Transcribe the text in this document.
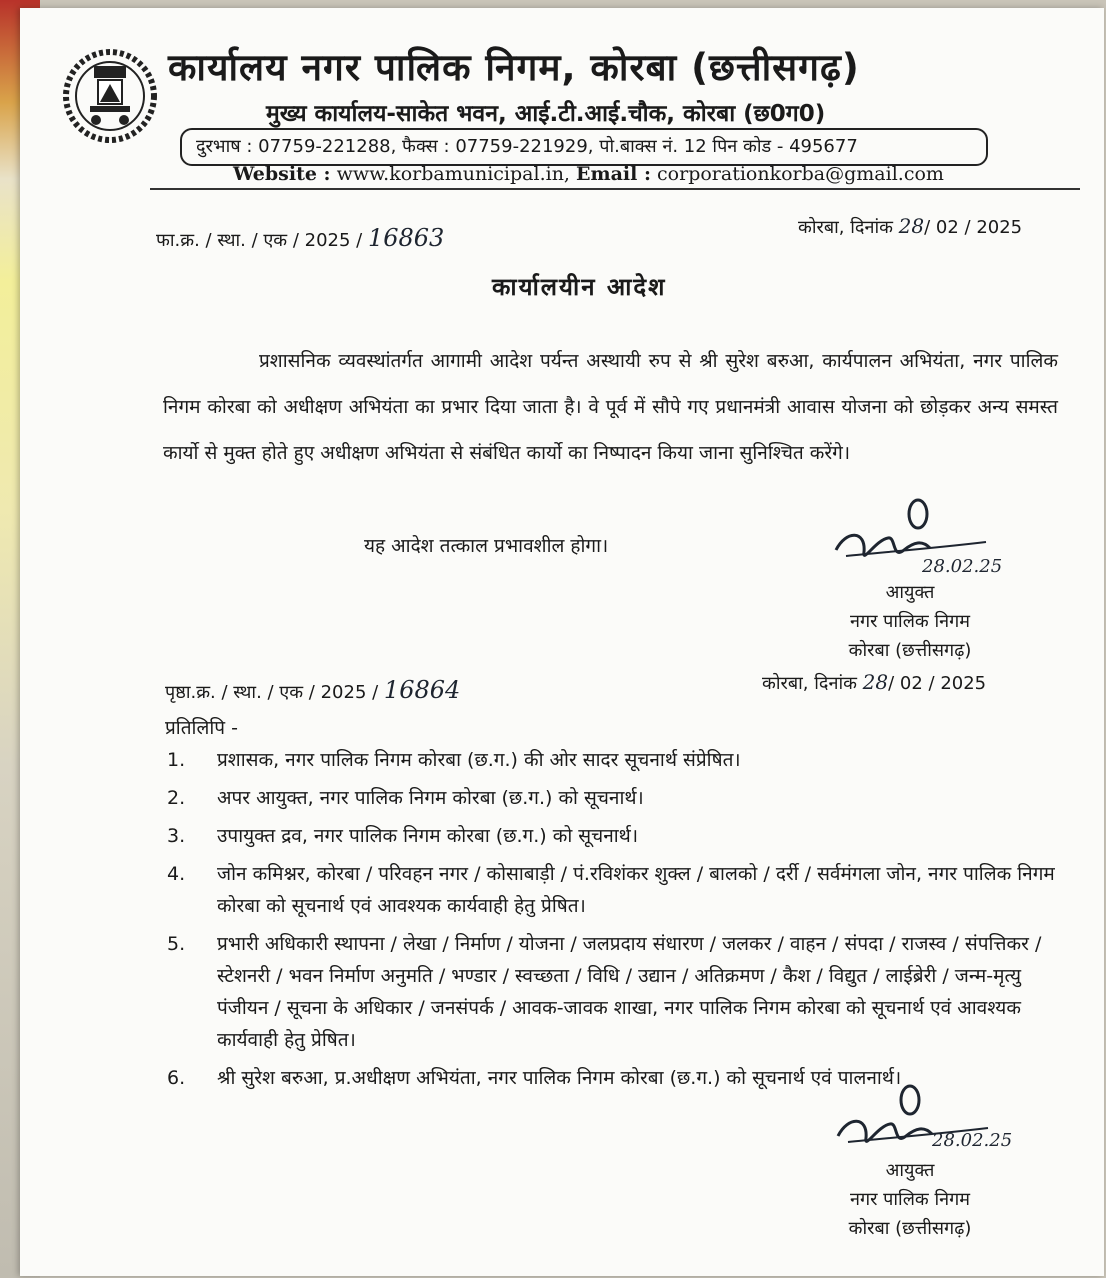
कार्यालय नगर पालिक निगम, कोरबा (छत्तीसगढ़)
मुख्य कार्यालय-साकेत भवन, आई.टी.आई.चौक, कोरबा (छ0ग0)
दुरभाष : 07759-221288, फैक्स : 07759-221929, पो.बाक्स नं. 12 पिन कोड - 495677
Website : www.korbamunicipal.in, Email : corporationkorba@gmail.com
फा.क्र. / स्था. / एक / 2025 / 16863	कोरबा, दिनांक 28/ 02 / 2025
कार्यालयीन आदेश
प्रशासनिक व्यवस्थांतर्गत आगामी आदेश पर्यन्त अस्थायी रुप से श्री सुरेश बरुआ, कार्यपालन अभियंता, नगर पालिक निगम कोरबा को अधीक्षण अभियंता का प्रभार दिया जाता है। वे पूर्व में सौपे गए प्रधानमंत्री आवास योजना को छोड़कर अन्य समस्त कार्यो से मुक्त होते हुए अधीक्षण अभियंता से संबंधित कार्यो का निष्पादन किया जाना सुनिश्चित करेंगे।
यह आदेश तत्काल प्रभावशील होगा।
28.02.25
आयुक्त
नगर पालिक निगम
कोरबा (छत्तीसगढ़)
पृष्ठा.क्र. / स्था. / एक / 2025 / 16864	कोरबा, दिनांक 28/ 02 / 2025
प्रतिलिपि -
1. प्रशासक, नगर पालिक निगम कोरबा (छ.ग.) की ओर सादर सूचनार्थ संप्रेषित।
2. अपर आयुक्त, नगर पालिक निगम कोरबा (छ.ग.) को सूचनार्थ।
3. उपायुक्त द्रव, नगर पालिक निगम कोरबा (छ.ग.) को सूचनार्थ।
4. जोन कमिश्नर, कोरबा / परिवहन नगर / कोसाबाड़ी / पं.रविशंकर शुक्ल / बालको / दर्री / सर्वमंगला जोन, नगर पालिक निगम कोरबा को सूचनार्थ एवं आवश्यक कार्यवाही हेतु प्रेषित।
5. प्रभारी अधिकारी स्थापना / लेखा / निर्माण / योजना / जलप्रदाय संधारण / जलकर / वाहन / संपदा / राजस्व / संपत्तिकर / स्टेशनरी / भवन निर्माण अनुमति / भण्डार / स्वच्छता / विधि / उद्यान / अतिक्रमण / कैश / विद्युत / लाईब्रेरी / जन्म-मृत्यु पंजीयन / सूचना के अधिकार / जनसंपर्क / आवक-जावक शाखा, नगर पालिक निगम कोरबा को सूचनार्थ एवं आवश्यक कार्यवाही हेतु प्रेषित।
6. श्री सुरेश बरुआ, प्र.अधीक्षण अभियंता, नगर पालिक निगम कोरबा (छ.ग.) को सूचनार्थ एवं पालनार्थ।
28.02.25
आयुक्त
नगर पालिक निगम
कोरबा (छत्तीसगढ़)
